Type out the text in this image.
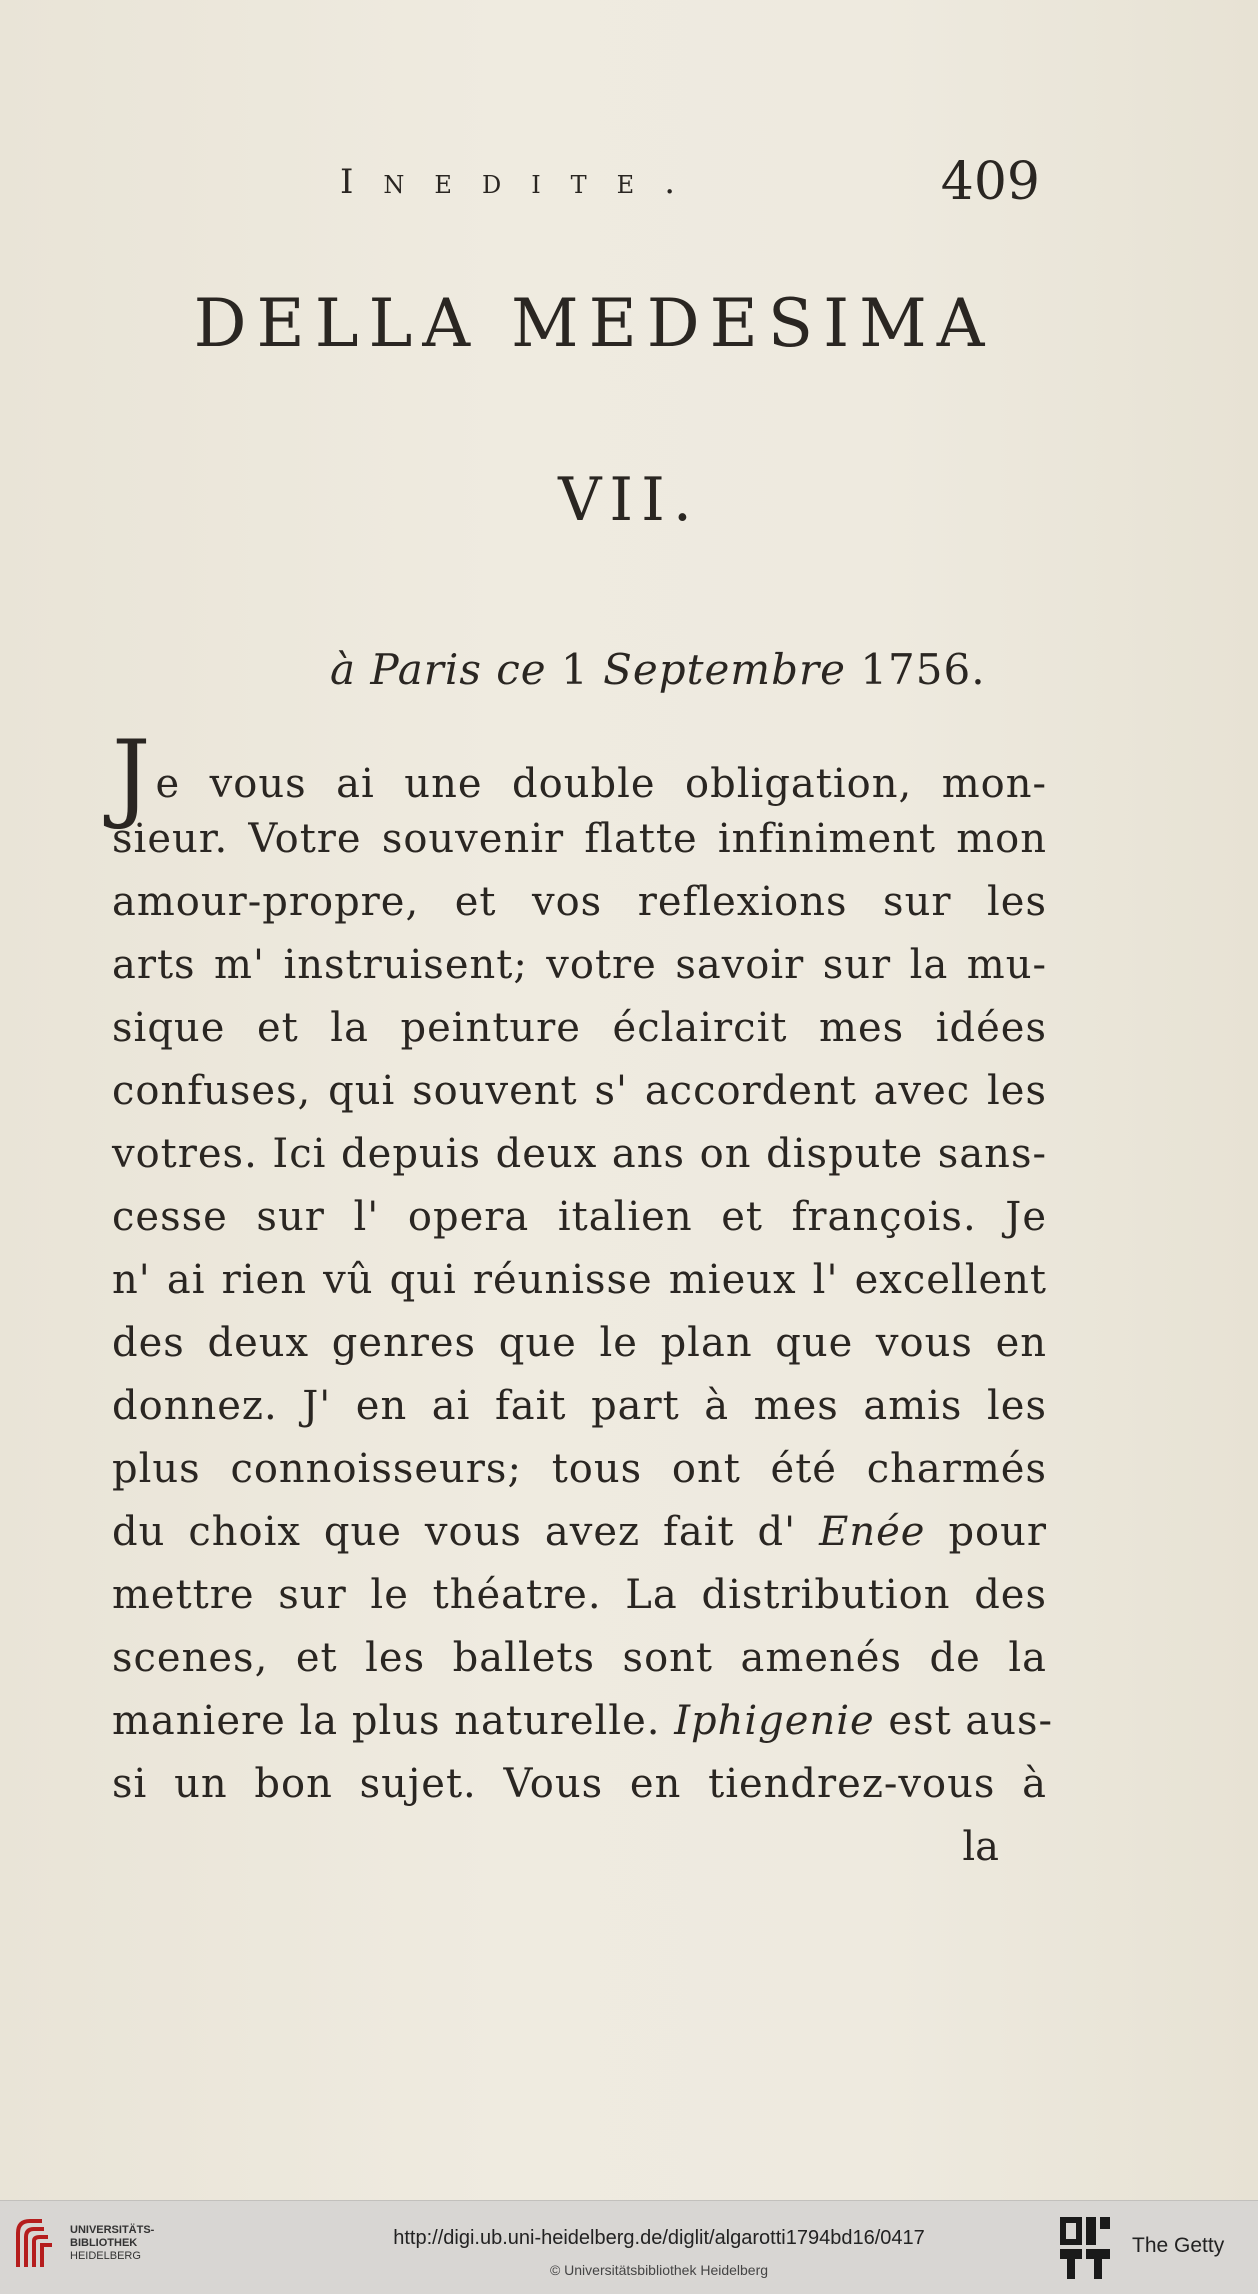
Inedite.	409
DELLA MEDESIMA
VII.
à Paris ce 1 Septembre 1756.
Je vous ai une double obligation, mon-
sieur. Votre souvenir flatte infiniment mon
amour-propre, et vos reflexions sur les
arts m' instruisent; votre savoir sur la mu-
sique et la peinture éclaircit mes idées
confuses, qui souvent s' accordent avec les
votres. Ici depuis deux ans on dispute sans-
cesse sur l' opera italien et françois. Je
n' ai rien vû qui réunisse mieux l' excellent
des deux genres que le plan que vous en
donnez. J' en ai fait part à mes amis les
plus connoisseurs; tous ont été charmés
du choix que vous avez fait d' Enée pour
mettre sur le théatre. La distribution des
scenes, et les ballets sont amenés de la
maniere la plus naturelle. Iphigenie est aus-
si un bon sujet. Vous en tiendrez-vous à
la
UNIVERSITÄTS-
BIBLIOTHEK
HEIDELBERG
http://digi.ub.uni-heidelberg.de/diglit/algarotti1794bd16/0417
© Universitätsbibliothek Heidelberg
The Getty
